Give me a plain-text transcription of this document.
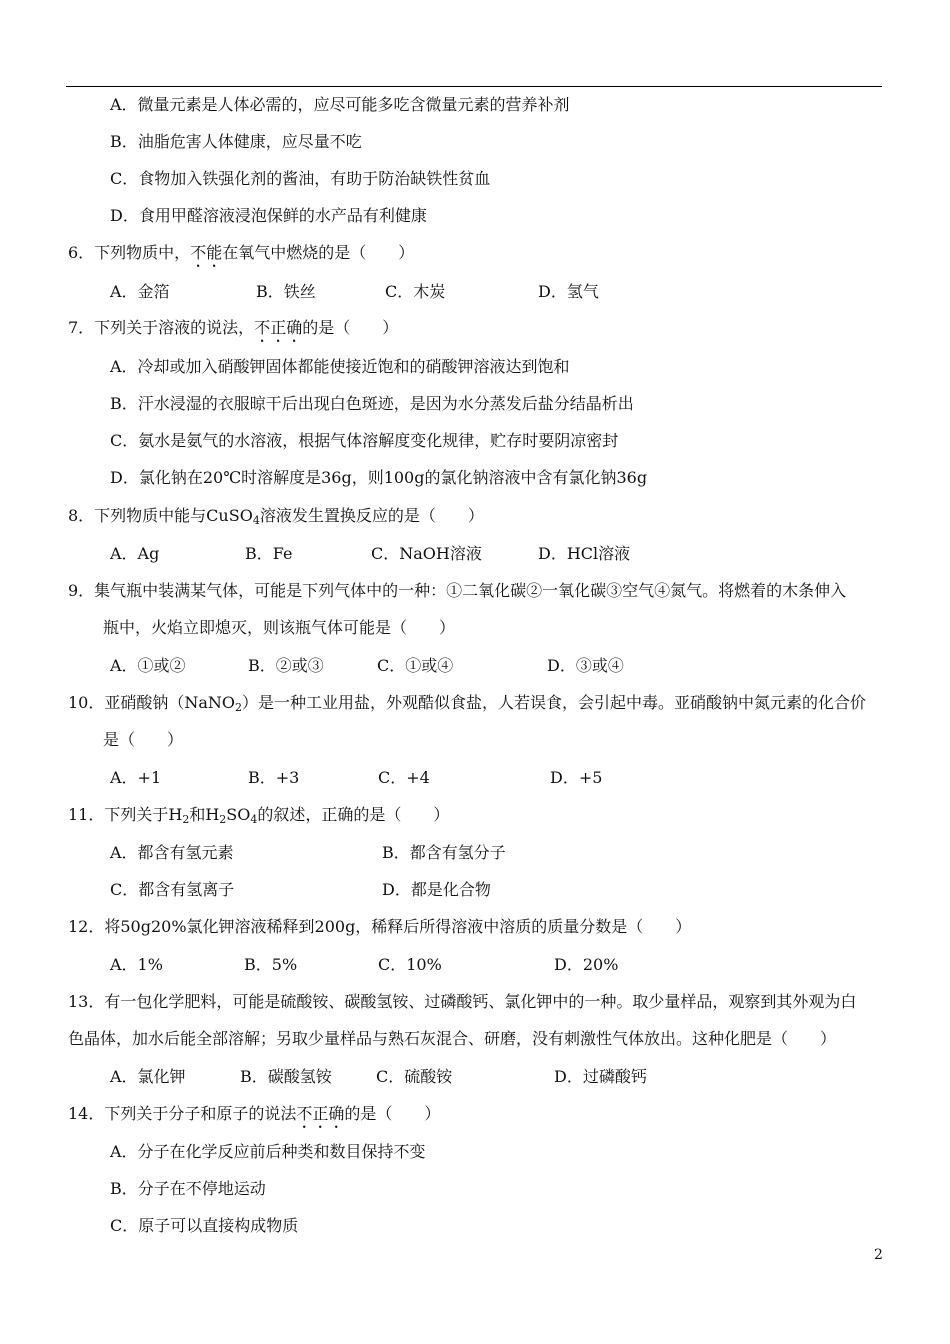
A．微量元素是人体必需的，应尽可能多吃含微量元素的营养补剂
B．油脂危害人体健康，应尽量不吃
C．食物加入铁强化剂的酱油，有助于防治缺铁性贫血
D．食用甲醛溶液浸泡保鲜的水产品有利健康
6．下列物质中，不能在氧气中燃烧的是（　　）
A．金箔	B．铁丝	C．木炭	D．氢气
7．下列关于溶液的说法，不正确的是（　　）
A．冷却或加入硝酸钾固体都能使接近饱和的硝酸钾溶液达到饱和
B．汗水浸湿的衣服晾干后出现白色斑迹，是因为水分蒸发后盐分结晶析出
C．氨水是氨气的水溶液，根据气体溶解度变化规律，贮存时要阴凉密封
D．氯化钠在20℃时溶解度是36g，则100g的氯化钠溶液中含有氯化钠36g
8．下列物质中能与CuSO$_4$溶液发生置换反应的是（　　）
A．Ag	B．Fe	C．NaOH溶液	D．HCl溶液
9．集气瓶中装满某气体，可能是下列气体中的一种：①二氧化碳②一氧化碳③空气④氮气。将燃着的木条伸入
瓶中，火焰立即熄灭，则该瓶气体可能是（　　）
A．①或②	B．②或③	C．①或④	D．③或④
10．亚硝酸钠（NaNO$_2$）是一种工业用盐，外观酷似食盐，人若误食，会引起中毒。亚硝酸钠中氮元素的化合价
是（　　）
A．+1	B．+3	C．+4	D．+5
11．下列关于$H_2$和$H_2SO_4$的叙述，正确的是（　　）
A．都含有氢元素	B．都含有氢分子
C．都含有氢离子	D．都是化合物
12．将50g20%氯化钾溶液稀释到200g，稀释后所得溶液中溶质的质量分数是（　　）
A．1%	B．5%	C．10%	D．20%
13．有一包化学肥料，可能是硫酸铵、碳酸氢铵、过磷酸钙、氯化钾中的一种。取少量样品，观察到其外观为白
色晶体，加水后能全部溶解；另取少量样品与熟石灰混合、研磨，没有刺激性气体放出。这种化肥是（　　）
A．氯化钾	B．碳酸氢铵	C．硫酸铵	D．过磷酸钙
14．下列关于分子和原子的说法不正确的是（　　）
A．分子在化学反应前后种类和数目保持不变
B．分子在不停地运动
C．原子可以直接构成物质
2
